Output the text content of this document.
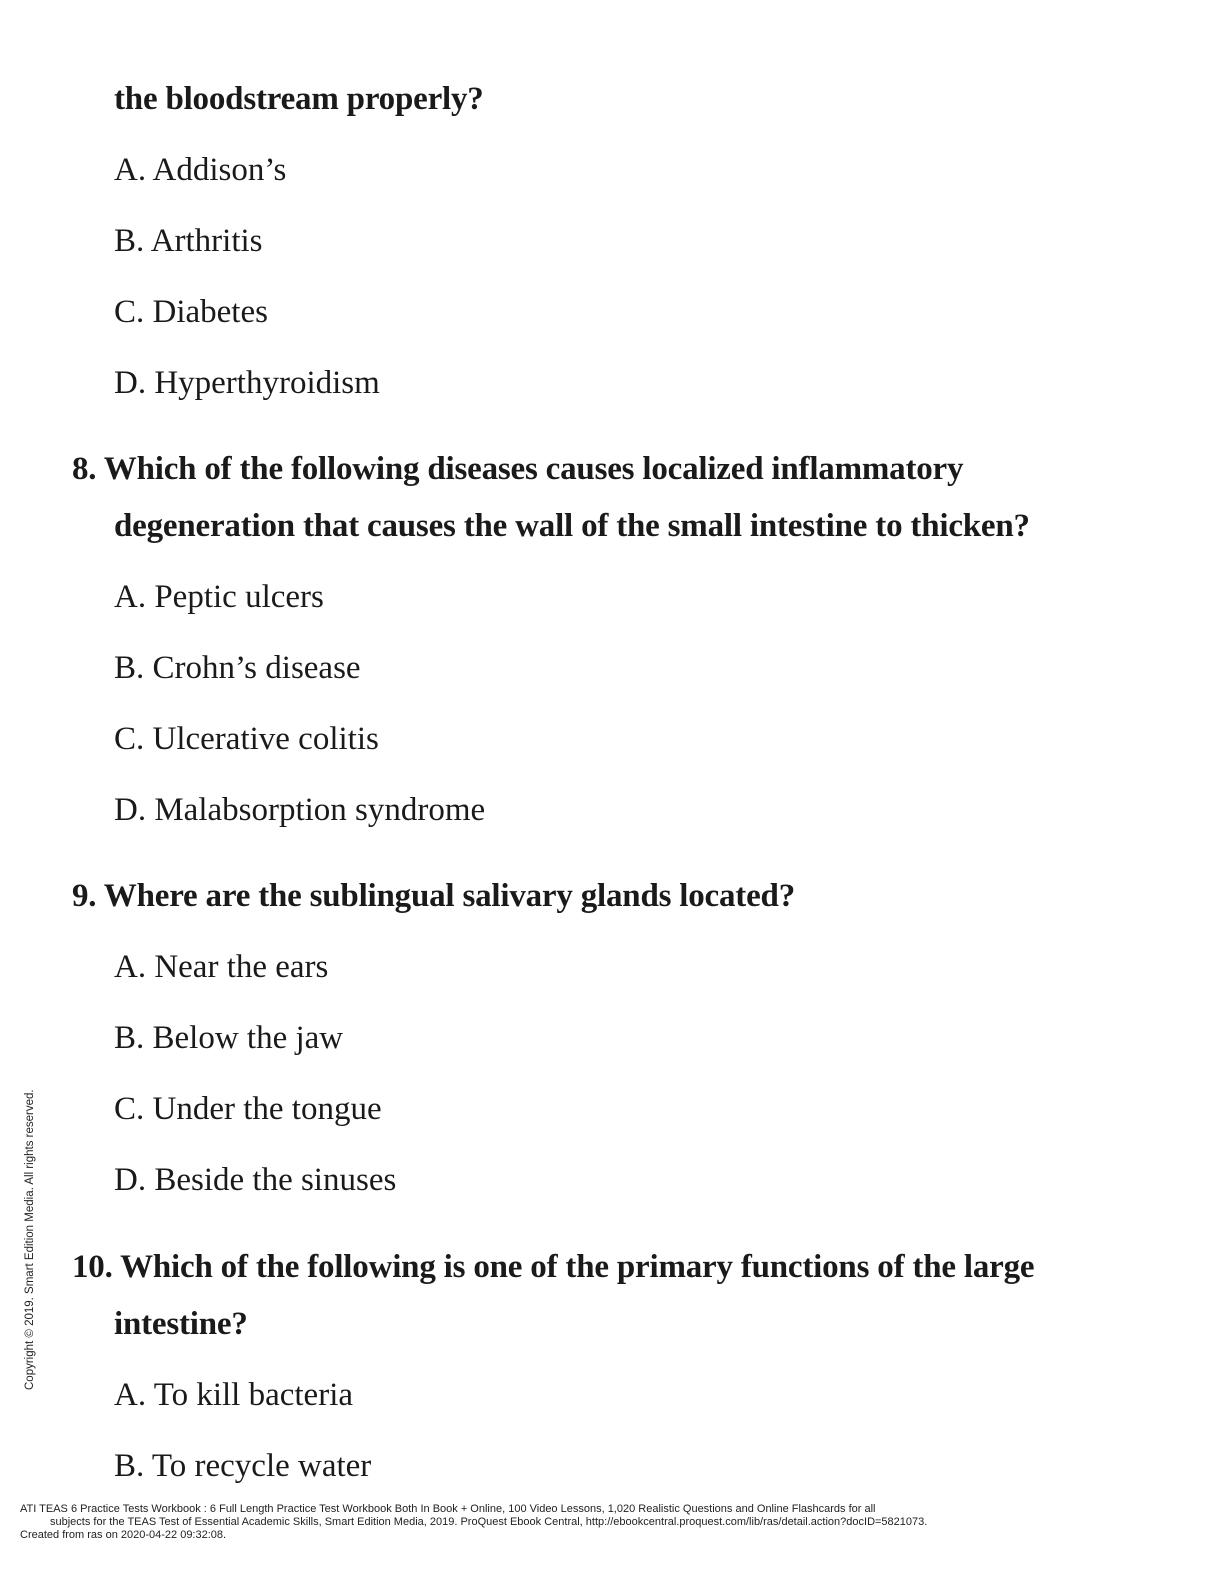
the bloodstream properly?
A. Addison’s
B. Arthritis
C. Diabetes
D. Hyperthyroidism
8. Which of the following diseases causes localized inflammatory
degeneration that causes the wall of the small intestine to thicken?
A. Peptic ulcers
B. Crohn’s disease
C. Ulcerative colitis
D. Malabsorption syndrome
9. Where are the sublingual salivary glands located?
A. Near the ears
B. Below the jaw
C. Under the tongue
D. Beside the sinuses
10. Which of the following is one of the primary functions of the large
intestine?
A. To kill bacteria
B. To recycle water
Copyright © 2019. Smart Edition Media. All rights reserved.
ATI TEAS 6 Practice Tests Workbook : 6 Full Length Practice Test Workbook Both In Book + Online, 100 Video Lessons, 1,020 Realistic Questions and Online Flashcards for all
subjects for the TEAS Test of Essential Academic Skills, Smart Edition Media, 2019. ProQuest Ebook Central, http://ebookcentral.proquest.com/lib/ras/detail.action?docID=5821073.
Created from ras on 2020-04-22 09:32:08.
